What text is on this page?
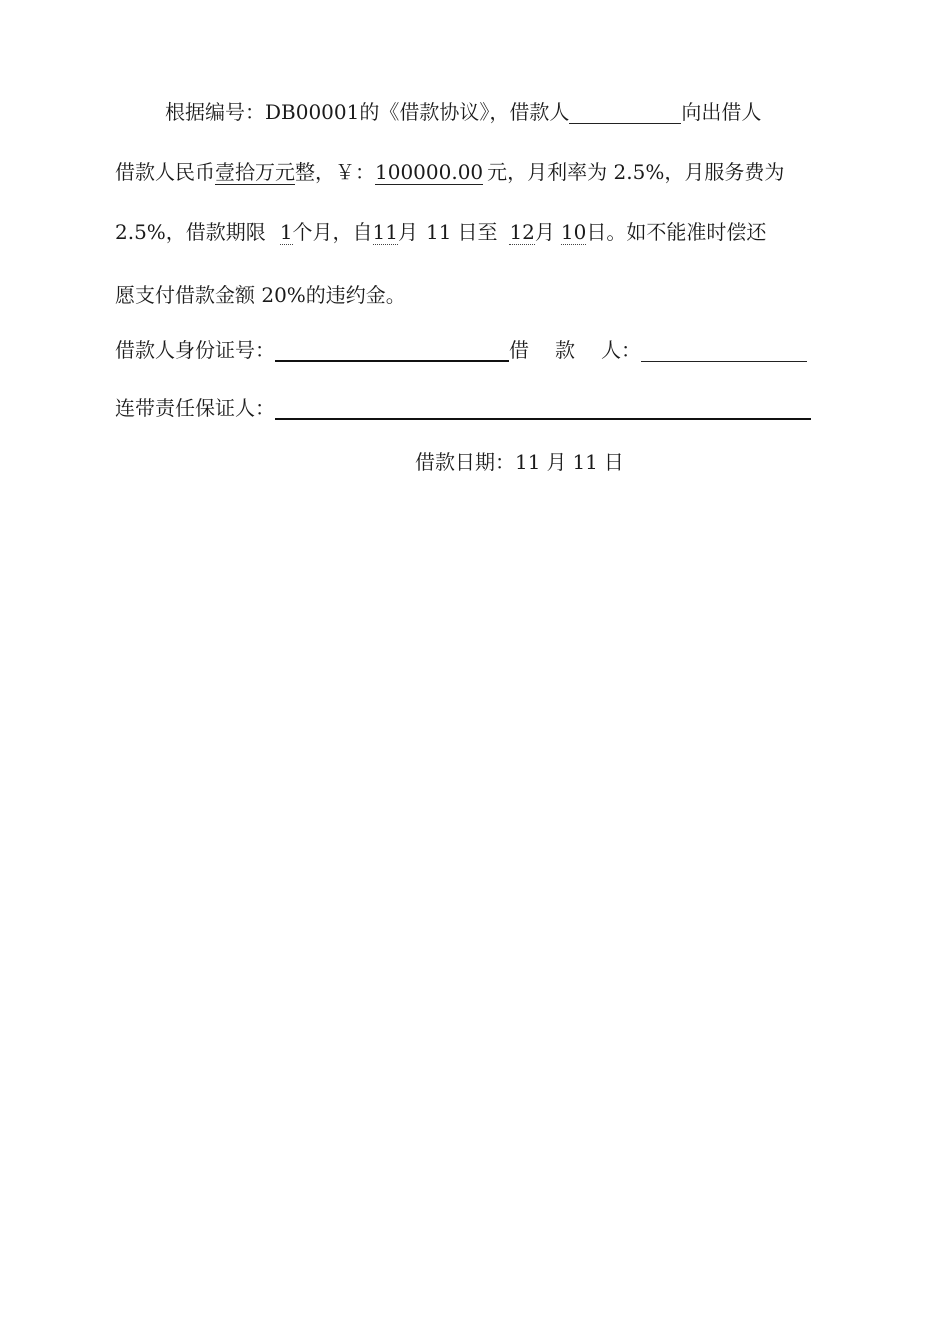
根据编号：DB00001的《借款协议》，借款人	向出借人
借款人民币壹拾万元整，￥：100000.00 元，月利率为 2.5%，月服务费为
2.5%，借款期限 1个月，自11月 11 日至 12月 10日。如不能准时偿还
愿支付借款金额 20%的违约金。
借款人身份证号：	借 款 人：
连带责任保证人：
借款日期：11 月 11 日
